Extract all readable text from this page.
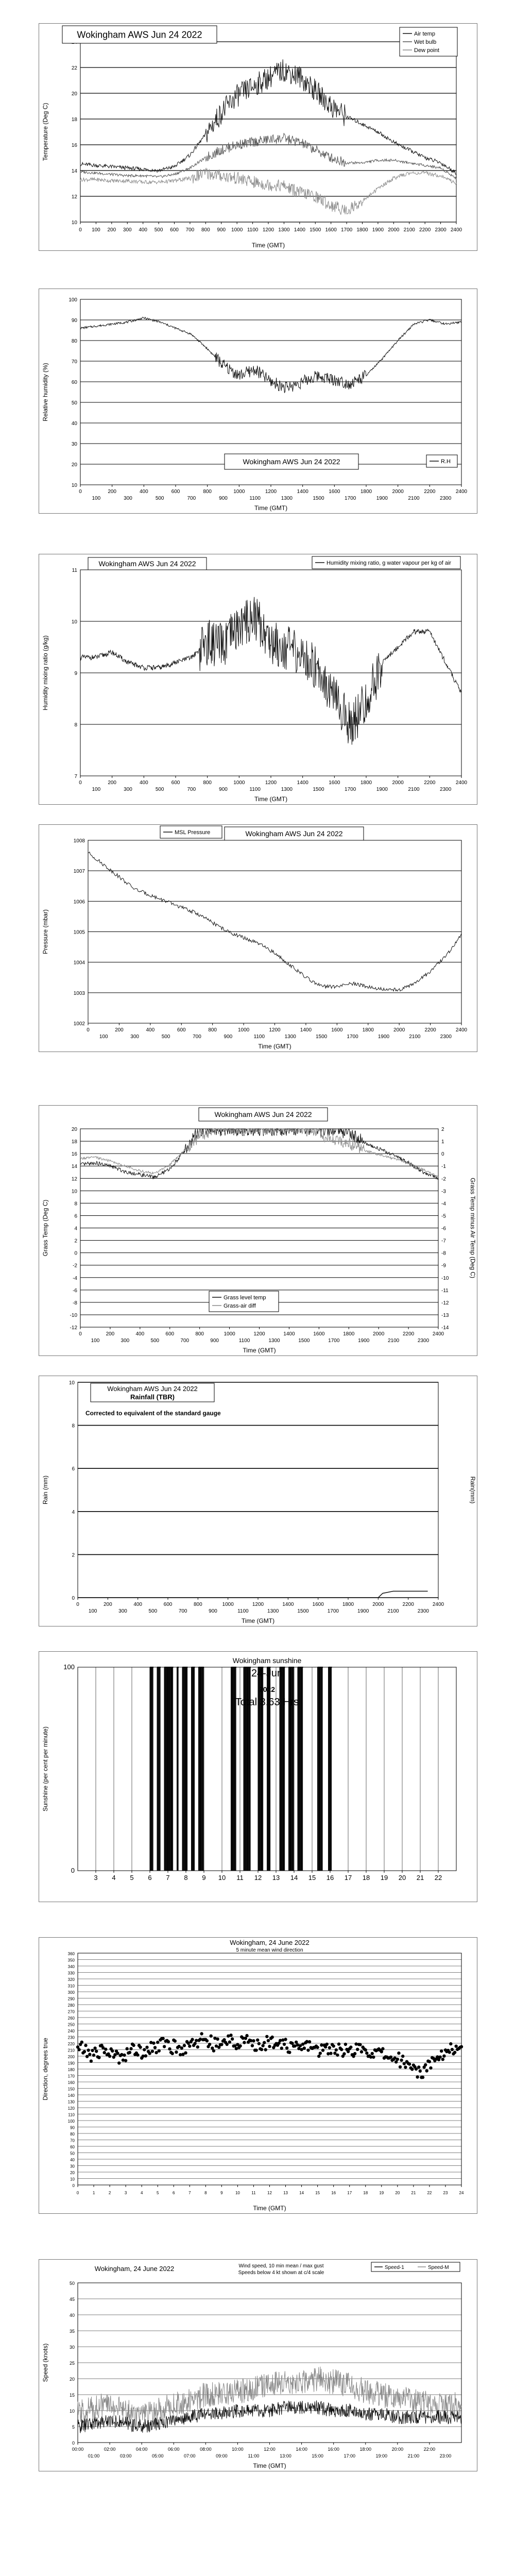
10
12
14
16
18
20
22
0 100 200 300 400 500 600 700 800 900 1000 1100 1200 1300 1400 1500 1600 1700 1800 1900 2000 2100 2200 2300 2400
Time (GMT)
Temperature (Deg C)
Wokingham AWS Jun 24 2022	Air temp
Wet bulb
Dew point
10
20
30
40
50
60
70
80
90
100
0	200	400	600	800	1000	1200	1400	1600	1800	2000	2200	2400
100	300	500	700	900	1100	1300	1500	1700	1900	2100	2300
Time (GMT)
Relative humidity (%)
Wokingham AWS Jun 24 2022	R.H
7
8
9
10
11
0	200	400	600	800	1000	1200	1400	1600	1800	2000	2200	2400
100	300	500	700	900	1100	1300	1500	1700	1900	2100	2300
Time (GMT)
Humidity mixing ratio (g/kg)
Wokingham AWS Jun 24 2022	Humidity mixing ratio, g water vapour per kg of air
1002
1003
1004
1005
1006
1007
1008
0	200	400	600	800	1000	1200	1400	1600	1800	2000	2200	2400
100	300	500	700	900	1100	1300	1500	1700	1900	2100	2300
Time (GMT)
Pressure (mbar)
MSL Pressure	Wokingham AWS Jun 24 2022
-12
-10
-8
-6
-4
-2
0
2
4
6
8
10
12
14
16
18
20
0	200	400	600	800	1000	1200	1400	1600	1800	2000	2200	2400
100	300	500	700	900	1100	1300	1500	1700	1900	2100	2300
Time (GMT)
Grass Temp (Deg C)
-14
-13
-12
-11
-10
-9
-8
-7
-6
-5
-4
-3
-2
-1
0
1
2
Grass Temp minus Air Temp (Deg C)
Wokingham AWS Jun 24 2022
Grass level temp
Grass-air diff
0
2
4
6
8
10
0	200	400	600	800	1000	1200	1400	1600	1800	2000	2200	2400
100	300	500	700	900	1100	1300	1500	1700	1900	2100	2300
Time (GMT)
Rain (mm)	Rain(mm)
Wokingham AWS Jun 24 2022
Rainfall (TBR)
Corrected to equivalent of the standard gauge
0
100
3 4 5 6 7 8 9 10 11 12 13 14 15 16 17 18 19 20 21 22
Sunshine (per cent per minute)
Wokingham sunshine
24-Jun
2022
Total 3.63 Hrs
0
10
20
30
40
50
60
70
80
90
100
110
120
130
140
150
160
170
180
190
200
210
220
230
240
250
260
270
280
290
300
310
320
330
340
350
360
0	1	2	3	4	5	6	7	8	9	10	11	12	13	14	15	16	17	18	19	20	21	22	23	24
Time (GMT)
Direction, degrees true
Wokingham, 24 June 2022
5 minute mean wind direction
0
5
10
15
20
25
30
35
40
45
50
00:00	02:00	04:00	06:00	08:00	10:00	12:00	14:00	16:00	18:00	20:00	22:00
01:00	03:00	05:00	07:00	09:00	11:00	13:00	15:00	17:00	19:00	21:00	23:00
Time (GMT)
Speed (knots)
Wokingham, 24 June 2022	Wind speed, 10 min mean / max gust
Speeds below 4 kt shown at c/4 scale
Speed-1	Speed-M
